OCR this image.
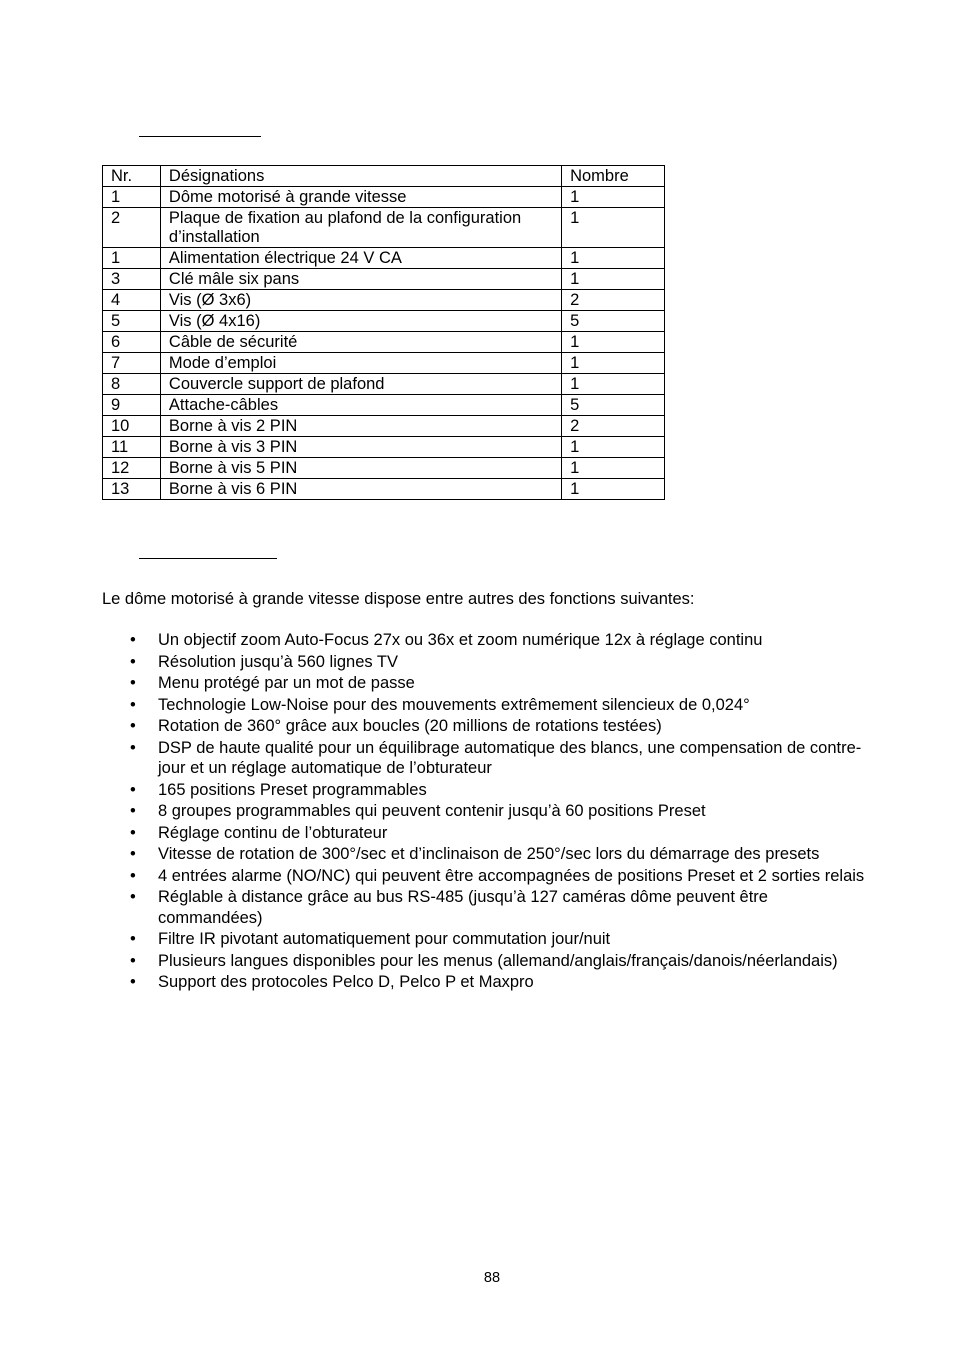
Nr.	Désignations	Nombre
1	Dôme motorisé à grande vitesse	1
2	Plaque de fixation au plafond de la configuration d’installation	1
1	Alimentation électrique 24 V CA	1
3	Clé mâle six pans	1
4	Vis (Ø 3x6)	2
5	Vis (Ø 4x16)	5
6	Câble de sécurité	1
7	Mode d’emploi	1
8	Couvercle support de plafond	1
9	Attache-câbles	5
10	Borne à vis 2 PIN	2
11	Borne à vis 3 PIN	1
12	Borne à vis 5 PIN	1
13	Borne à vis 6 PIN	1

Le dôme motorisé à grande vitesse dispose entre autres des fonctions suivantes:

• Un objectif zoom Auto-Focus 27x ou 36x et zoom numérique 12x à réglage continu
• Résolution jusqu’à 560 lignes TV
• Menu protégé par un mot de passe
• Technologie Low-Noise pour des mouvements extrêmement silencieux de 0,024°
• Rotation de 360° grâce aux boucles (20 millions de rotations testées)
• DSP de haute qualité pour un équilibrage automatique des blancs, une compensation de contre-jour et un réglage automatique de l’obturateur
• 165 positions Preset programmables
• 8 groupes programmables qui peuvent contenir jusqu’à 60 positions Preset
• Réglage continu de l’obturateur
• Vitesse de rotation de 300°/sec et d’inclinaison de 250°/sec lors du démarrage des presets
• 4 entrées alarme (NO/NC) qui peuvent être accompagnées de positions Preset et 2 sorties relais
• Réglable à distance grâce au bus RS-485 (jusqu’à 127 caméras dôme peuvent être commandées)
• Filtre IR pivotant automatiquement pour commutation jour/nuit
• Plusieurs langues disponibles pour les menus (allemand/anglais/français/danois/néerlandais)
• Support des protocoles Pelco D, Pelco P et Maxpro
88
